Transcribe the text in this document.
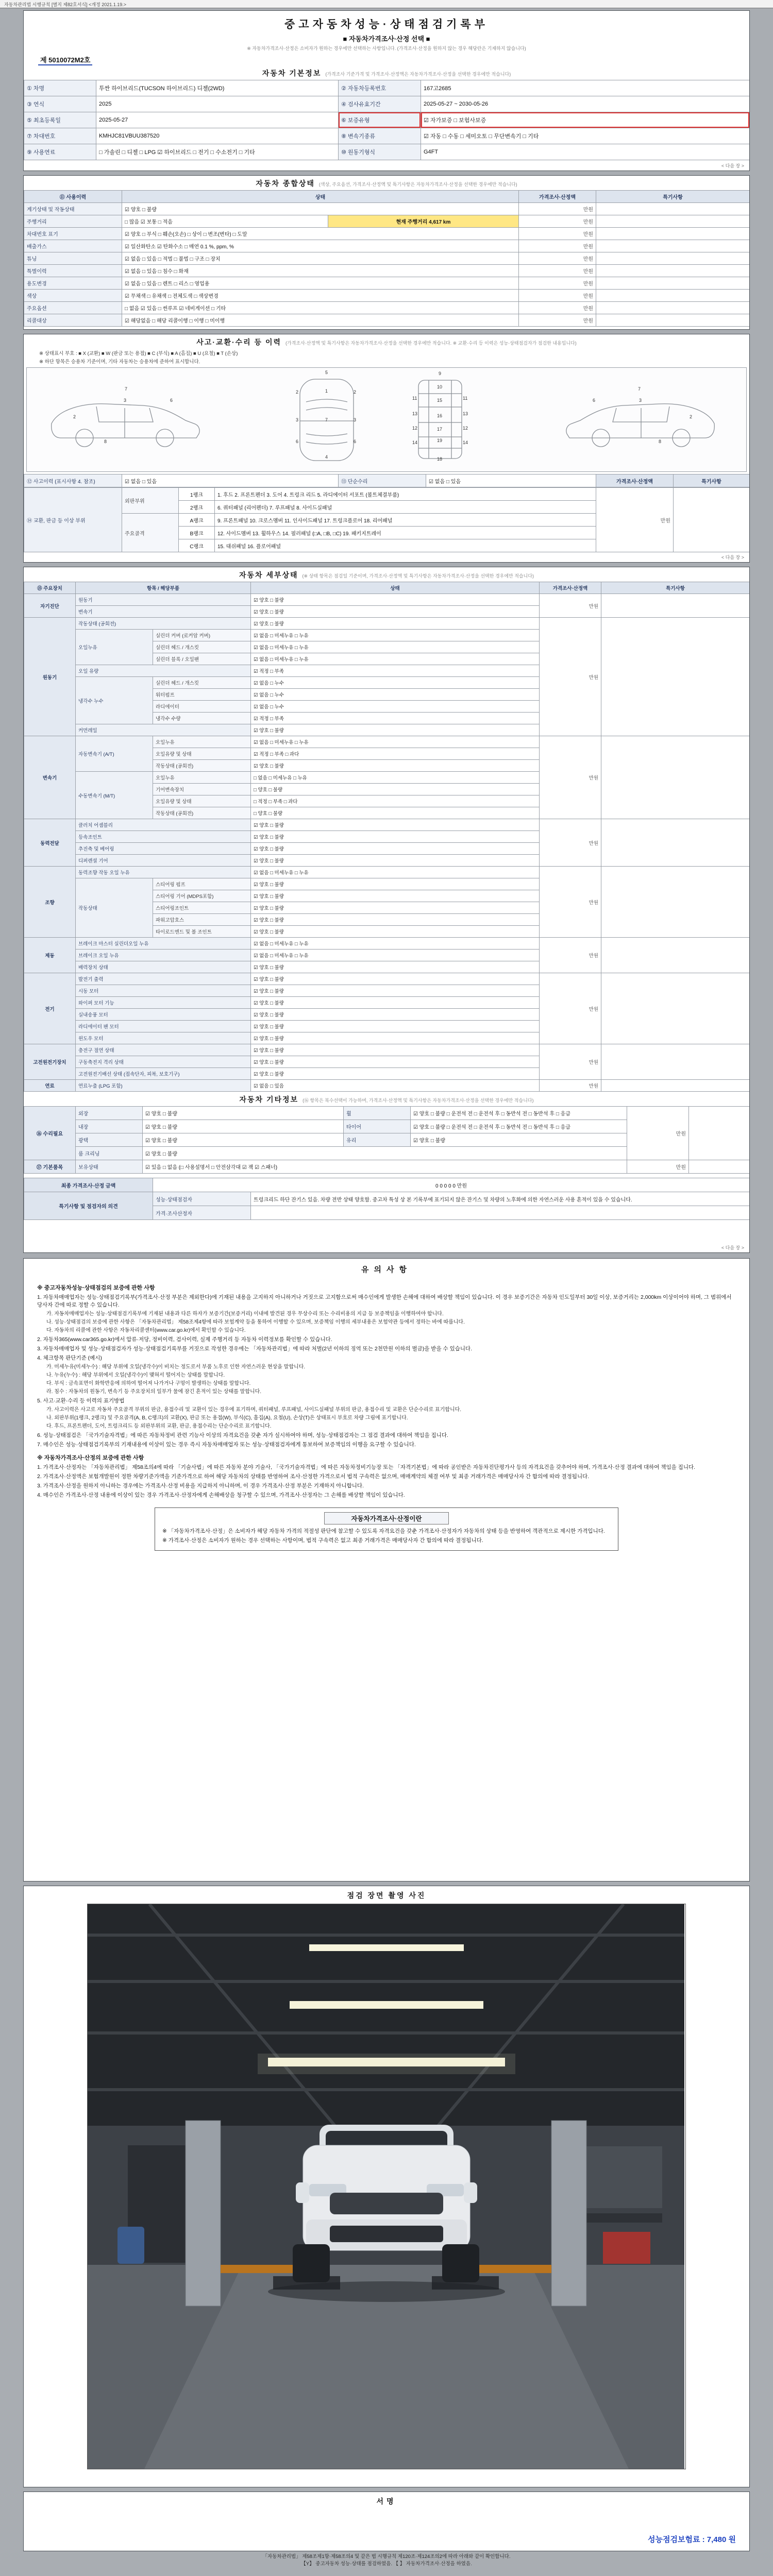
자동차관리법 시행규칙 [별지 제82호서식] <개정 2021.1.19.>
중고자동차성능·상태점검기록부
■ 자동차가격조사·산정 선택 ■
※ 자동차가격조사·산정은 소비자가 원하는 경우에만 선택하는 사항입니다. (가격조사·산정을 원하지 않는 경우 해당란은 기재하지 않습니다)
제 5010072M2호
자동차 기본정보 (가격조사 기준가격 및 가격조사·산정액은 자동차가격조사·산정을 선택한 경우에만 적습니다)
① 차명	투싼 하이브리드(TUCSON 하이브리드) 디젤(2WD)	② 자동차등록번호	167고2685
③ 연식	2025	④ 검사유효기간	2025-05-27 ~ 2030-05-26
⑤ 최초등록일	2025-05-27	⑥ 보증유형	☑ 자가보증 □ 보험사보증
⑦ 차대번호	KMHJC81VBUU387520	⑧ 변속기종류	☑ 자동 □ 수동 □ 세미오토 □ 무단변속기 □ 기타
⑨ 사용연료	□ 가솔린 □ 디젤 □ LPG ☑ 하이브리드 □ 전기 □ 수소전기 □ 기타	⑩ 원동기형식	G4FT
< 다음 장 >
자동차 종합상태 (색상, 주요옵션, 가격조사·산정액 및 특기사항은 자동차가격조사·산정을 선택한 경우에만 적습니다)
⑪ 사용이력	상태		가격조사·산정액	특기사항
계기상태 및 작동상태	☑ 양호 □ 불량		만원	
주행거리	□ 많음 ☑ 보통 □ 적음	현재 주행거리 4,617 km	만원	
차대번호 표기	☑ 양호 □ 부식 □ 훼손(오손) □ 상이 □ 변조(변타) □ 도말		만원	
배출가스	☑ 일산화탄소 ☑ 탄화수소 □ 매연 0.1 %, ppm, %		만원	
튜닝	☑ 없음 □ 있음 □ 적법 □ 불법 □ 구조 □ 장치		만원	
특별이력	☑ 없음 □ 있음 □ 침수 □ 화재		만원	
용도변경	☑ 없음 □ 있음 □ 렌트 □ 리스 □ 영업용		만원	
색상	☑ 무채색 □ 유채색 □ 전체도색 □ 색상변경		만원	
주요옵션	□ 없음 ☑ 있음 □ 썬루프 ☑ 네비게이션 □ 기타		만원	
리콜대상	☑ 해당없음 □ 해당 리콜이행 □ 이행 □ 미이행		만원	
사고·교환·수리 등 이력 (가격조사·산정액 및 특기사항은 자동차가격조사·산정을 선택한 경우에만 적습니다. ※ 교환·수리 등 이력은 성능·상태점검자가 점검한 내용입니다)
※ 상태표시 부호 : ■ X (교환) ■ W (판금 또는 용접) ■ C (부식) ■ A (흠집) ■ U (요철) ■ T (손상)
※ 하단 항목은 승용차 기준이며, 기타 자동차는 승용차에 준하여 표시합니다.
2
3	6
7
8
5
1
2	2
3	3
7
6	6
4
9
10
11	11
13	13
15
12	12
16
14	14
19
17
18
2
3
6
7
8
⑫ 사고이력 (표시사항 4. 참조)	☑ 없음 □ 있음	⑬ 단순수리	☑ 없음 □ 있음	가격조사·산정액	특기사항
⑭ 교환, 판금 등 이상 부위	외판부위	1랭크	1. 후드 2. 프론트펜더 3. 도어 4. 트렁크 리드 5. 라디에이터 서포트 (볼트체결부품)	만원	
		2랭크	6. 쿼터패널 (리어펜더) 7. 루프패널 8. 사이드실패널		
	주요골격	A랭크	9. 프론트패널 10. 크로스멤버 11. 인사이드패널 17. 트렁크플로어 18. 리어패널		
		B랭크	12. 사이드멤버 13. 휠하우스 14. 필러패널 (□A, □B, □C) 19. 패키지트레이		
		C랭크	15. 대쉬패널 16. 플로어패널		
< 다음 장 >
자동차 세부상태 (※ 상태 항목은 점검일 기준이며, 가격조사·산정액 및 특기사항은 자동차가격조사·산정을 선택한 경우에만 적습니다)
⑮ 주요장치	항목 / 해당부품		상태	가격조사·산정액	특기사항
자기진단	원동기		☑ 양호 □ 불량	만원	
	변속기		☑ 양호 □ 불량		
원동기	작동상태 (공회전)		☑ 양호 □ 불량	만원	
	오일누유	실린더 커버 (로커암 커버)	☑ 없음 □ 미세누유 □ 누유		
		실린더 헤드 / 개스킷	☑ 없음 □ 미세누유 □ 누유		
		실린더 블록 / 오일팬	☑ 없음 □ 미세누유 □ 누유		
	오일 유량		☑ 적정 □ 부족		
	냉각수 누수	실린더 헤드 / 개스킷	☑ 없음 □ 누수		
		워터펌프	☑ 없음 □ 누수		
		라디에이터	☑ 없음 □ 누수		
		냉각수 수량	☑ 적정 □ 부족		
	커먼레일		☑ 양호 □ 불량		
변속기	자동변속기 (A/T)	오일누유	☑ 없음 □ 미세누유 □ 누유	만원	
		오일유량 및 상태	☑ 적정 □ 부족 □ 과다		
		작동상태 (공회전)	☑ 양호 □ 불량		
	수동변속기 (M/T)	오일누유	□ 없음 □ 미세누유 □ 누유		
		기어변속장치	□ 양호 □ 불량		
		오일유량 및 상태	□ 적정 □ 부족 □ 과다		
		작동상태 (공회전)	□ 양호 □ 불량		
동력전달	클러치 어셈블리		☑ 양호 □ 불량	만원	
	등속조인트		☑ 양호 □ 불량		
	추진축 및 베어링		☑ 양호 □ 불량		
	디퍼렌셜 기어		☑ 양호 □ 불량		
조향	동력조향 작동 오일 누유		☑ 없음 □ 미세누유 □ 누유	만원	
	작동상태	스티어링 펌프	☑ 양호 □ 불량		
		스티어링 기어 (MDPS포함)	☑ 양호 □ 불량		
		스티어링조인트	☑ 양호 □ 불량		
		파워고압호스	☑ 양호 □ 불량		
		타이로드엔드 및 볼 조인트	☑ 양호 □ 불량		
제동	브레이크 마스터 실린더오일 누유		☑ 없음 □ 미세누유 □ 누유	만원	
	브레이크 오일 누유		☑ 없음 □ 미세누유 □ 누유		
	배력장치 상태		☑ 양호 □ 불량		
전기	발전기 출력		☑ 양호 □ 불량	만원	
	시동 모터		☑ 양호 □ 불량		
	와이퍼 모터 기능		☑ 양호 □ 불량		
	실내송풍 모터		☑ 양호 □ 불량		
	라디에이터 팬 모터		☑ 양호 □ 불량		
	윈도우 모터		☑ 양호 □ 불량		
고전원전기장치	충전구 절연 상태		☑ 양호 □ 불량	만원	
	구동축전지 격리 상태		☑ 양호 □ 불량		
	고전원전기배선 상태 (접속단자, 피복, 보호기구)		☑ 양호 □ 불량		
연료	연료누출 (LPG 포함)		☑ 없음 □ 있음	만원	
자동차 기타정보 (⑯ 항목은 복수선택이 가능하며, 가격조사·산정액 및 특기사항은 자동차가격조사·산정을 선택한 경우에만 적습니다)
⑯ 수리필요	외장	☑ 양호 □ 불량	휠	☑ 양호 □ 불량 □ 운전석 전 □ 운전석 후 □ 동반석 전 □ 동반석 후 □ 응급	만원	
	내장	☑ 양호 □ 불량	타이어	☑ 양호 □ 불량 □ 운전석 전 □ 운전석 후 □ 동반석 전 □ 동반석 후 □ 응급		
	광택	☑ 양호 □ 불량	유리	☑ 양호 □ 불량		
	룸 크리닝	☑ 양호 □ 불량				
⑰ 기본품목	보유상태	☑ 있음 □ 없음 (□ 사용설명서 □ 안전삼각대 ☑ 잭 ☑ 스패너)			만원	
최종 가격조사·산정 금액	0 0 0 0 0 만원	
특기사항 및 점검자의 의견	성능·상태점검자	트렁크리드 하단 잔기스 있음. 차량 전반 상태 양호함. 중고차 특성 상 본 기록부에 표기되지 않은 잔기스 및 차량의 노후화에 의한 자연스러운 사용 흔적이 있을 수 있습니다.
	가격·조사산정자	
< 다음 장 >
유의사항
※ 중고자동차성능·상태점검의 보증에 관한 사항
1. 자동차매매업자는 성능·상태점검기록부(가격조사·산정 부분은 제외한다)에 기재된 내용을 고지하지 아니하거나 거짓으로 고지함으로써 매수인에게 발생한 손해에 대하여 배상할 책임이 있습니다. 이 경우 보증기간은 자동차 인도일부터 30일 이상, 보증거리는 2,000km 이상이어야 하며, 그 범위에서 당사자 간에 따로 정할 수 있습니다.
가. 자동차매매업자는 성능·상태점검기록부에 기재된 내용과 다른 하자가 보증기간(보증거리) 이내에 발견된 경우 무상수리 또는 수리비용의 지급 등 보증책임을 이행하여야 합니다.
나. 성능·상태점검의 보증에 관한 사항은 「자동차관리법」 제58조제4항에 따라 보험계약 등을 통하여 이행할 수 있으며, 보증책임 이행의 세부내용은 보험약관 등에서 정하는 바에 따릅니다.
다. 자동차의 리콜에 관한 사항은 자동차리콜센터(www.car.go.kr)에서 확인할 수 있습니다.
2. 자동차365(www.car365.go.kr)에서 압류·저당, 정비이력, 검사이력, 실제 주행거리 등 자동차 이력정보를 확인할 수 있습니다.
3. 자동차매매업자 및 성능·상태점검자가 성능·상태점검기록부를 거짓으로 작성한 경우에는 「자동차관리법」에 따라 처벌(2년 이하의 징역 또는 2천만원 이하의 벌금)을 받을 수 있습니다.
4. 체크항목 판단기준 (예시)
가. 미세누유(미세누수) : 해당 부위에 오일(냉각수)이 비치는 정도로서 부품 노후로 인한 자연스러운 현상을 말합니다.
나. 누유(누수) : 해당 부위에서 오일(냉각수)이 맺혀서 떨어지는 상태를 말합니다.
다. 부식 : 금속표면이 화학반응에 의하여 떨어져 나가거나 구멍이 발생하는 상태를 말합니다.
라. 침수 : 자동차의 원동기, 변속기 등 주요장치의 일부가 물에 잠긴 흔적이 있는 상태를 말합니다.
5. 사고·교환·수리 등 이력의 표기방법
가. 사고이력은 사고로 자동차 주요골격 부위의 판금, 용접수리 및 교환이 있는 경우에 표기하며, 쿼터패널, 루프패널, 사이드실패널 부위의 판금, 용접수리 및 교환은 단순수리로 표기합니다.
나. 외판부위(1랭크, 2랭크) 및 주요골격(A, B, C랭크)의 교환(X), 판금 또는 용접(W), 부식(C), 흠집(A), 요철(U), 손상(T)은 상태표시 부호로 차량 그림에 표기합니다.
다. 후드, 프론트펜더, 도어, 트렁크리드 등 외판부위의 교환, 판금, 용접수리는 단순수리로 표기합니다.
6. 성능·상태점검은 「국가기술자격법」에 따른 자동차정비 관련 기능사 이상의 자격요건을 갖춘 자가 실시하여야 하며, 성능·상태점검자는 그 점검 결과에 대하여 책임을 집니다.
7. 매수인은 성능·상태점검기록부의 기재내용에 이상이 있는 경우 즉시 자동차매매업자 또는 성능·상태점검자에게 통보하여 보증책임의 이행을 요구할 수 있습니다.
※ 자동차가격조사·산정의 보증에 관한 사항
1. 가격조사·산정자는 「자동차관리법」 제58조의4에 따라 「기술사법」에 따른 자동차 분야 기술사, 「국가기술자격법」에 따른 자동차정비기능장 또는 「자격기본법」에 따라 공인받은 자동차진단평가사 등의 자격요건을 갖추어야 하며, 가격조사·산정 결과에 대하여 책임을 집니다.
2. 가격조사·산정액은 보험개발원이 정한 차량기준가액을 기준가격으로 하여 해당 자동차의 상태를 반영하여 조사·산정한 가격으로서 법적 구속력은 없으며, 매매계약의 체결 여부 및 최종 거래가격은 매매당사자 간 합의에 따라 결정됩니다.
3. 가격조사·산정을 원하지 아니하는 경우에는 가격조사·산정 비용을 지급하지 아니하며, 이 경우 가격조사·산정 부분은 기재하지 아니합니다.
4. 매수인은 가격조사·산정 내용에 이상이 있는 경우 가격조사·산정자에게 손해배상을 청구할 수 있으며, 가격조사·산정자는 그 손해를 배상할 책임이 있습니다.
자동차가격조사·산정이란
※ 「자동차가격조사·산정」은 소비자가 해당 자동차 가격의 적절성 판단에 참고할 수 있도록 자격요건을 갖춘 가격조사·산정자가 자동차의 상태 등을 반영하여 객관적으로 제시한 가격입니다.
※ 가격조사·산정은 소비자가 원하는 경우 선택하는 사항이며, 법적 구속력은 없고 최종 거래가격은 매매당사자 간 합의에 따라 결정됩니다.
점검 장면 촬영 사진
서명
성능점검보험료 : 7,480 원
「자동차관리법」 제58조제1항·제58조의4 및 같은 법 시행규칙 제120조·제124조의2에 따라 아래와 같이 확인합니다.
【Y】 중고자동차 성능·상태를 점검하였음. 【 】 자동차가격조사·산정을 하였음.
